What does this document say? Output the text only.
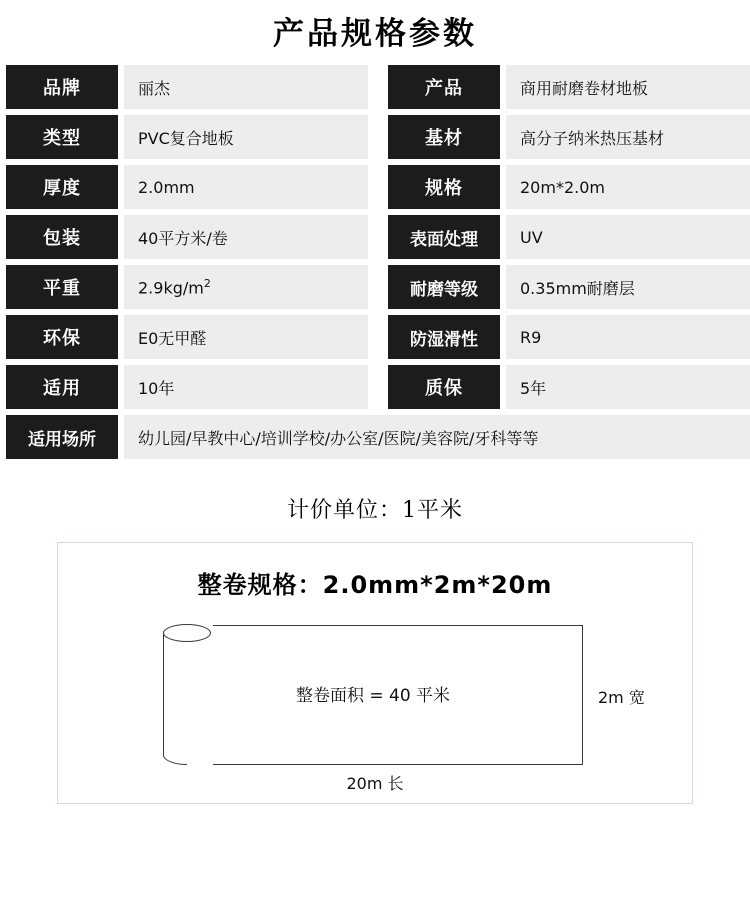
产品规格参数
品牌	丽杰		产品	商用耐磨卷材地板
类型	PVC复合地板		基材	高分子纳米热压基材
厚度	2.0mm		规格	20m*2.0m
包装	40平方米/卷		表面处理	UV
平重	$2.9kg/m^2$		耐磨等级	0.35mm耐磨层
环保	E0无甲醛		防湿滑性	R9
适用	10年		质保	5年
适用场所	幼儿园/早教中心/培训学校/办公室/医院/美容院/牙科等等			
计价单位：1平米
整卷规格：2.0mm*2m*20m
整卷面积 = 40 平米	2m 宽
20m 长
